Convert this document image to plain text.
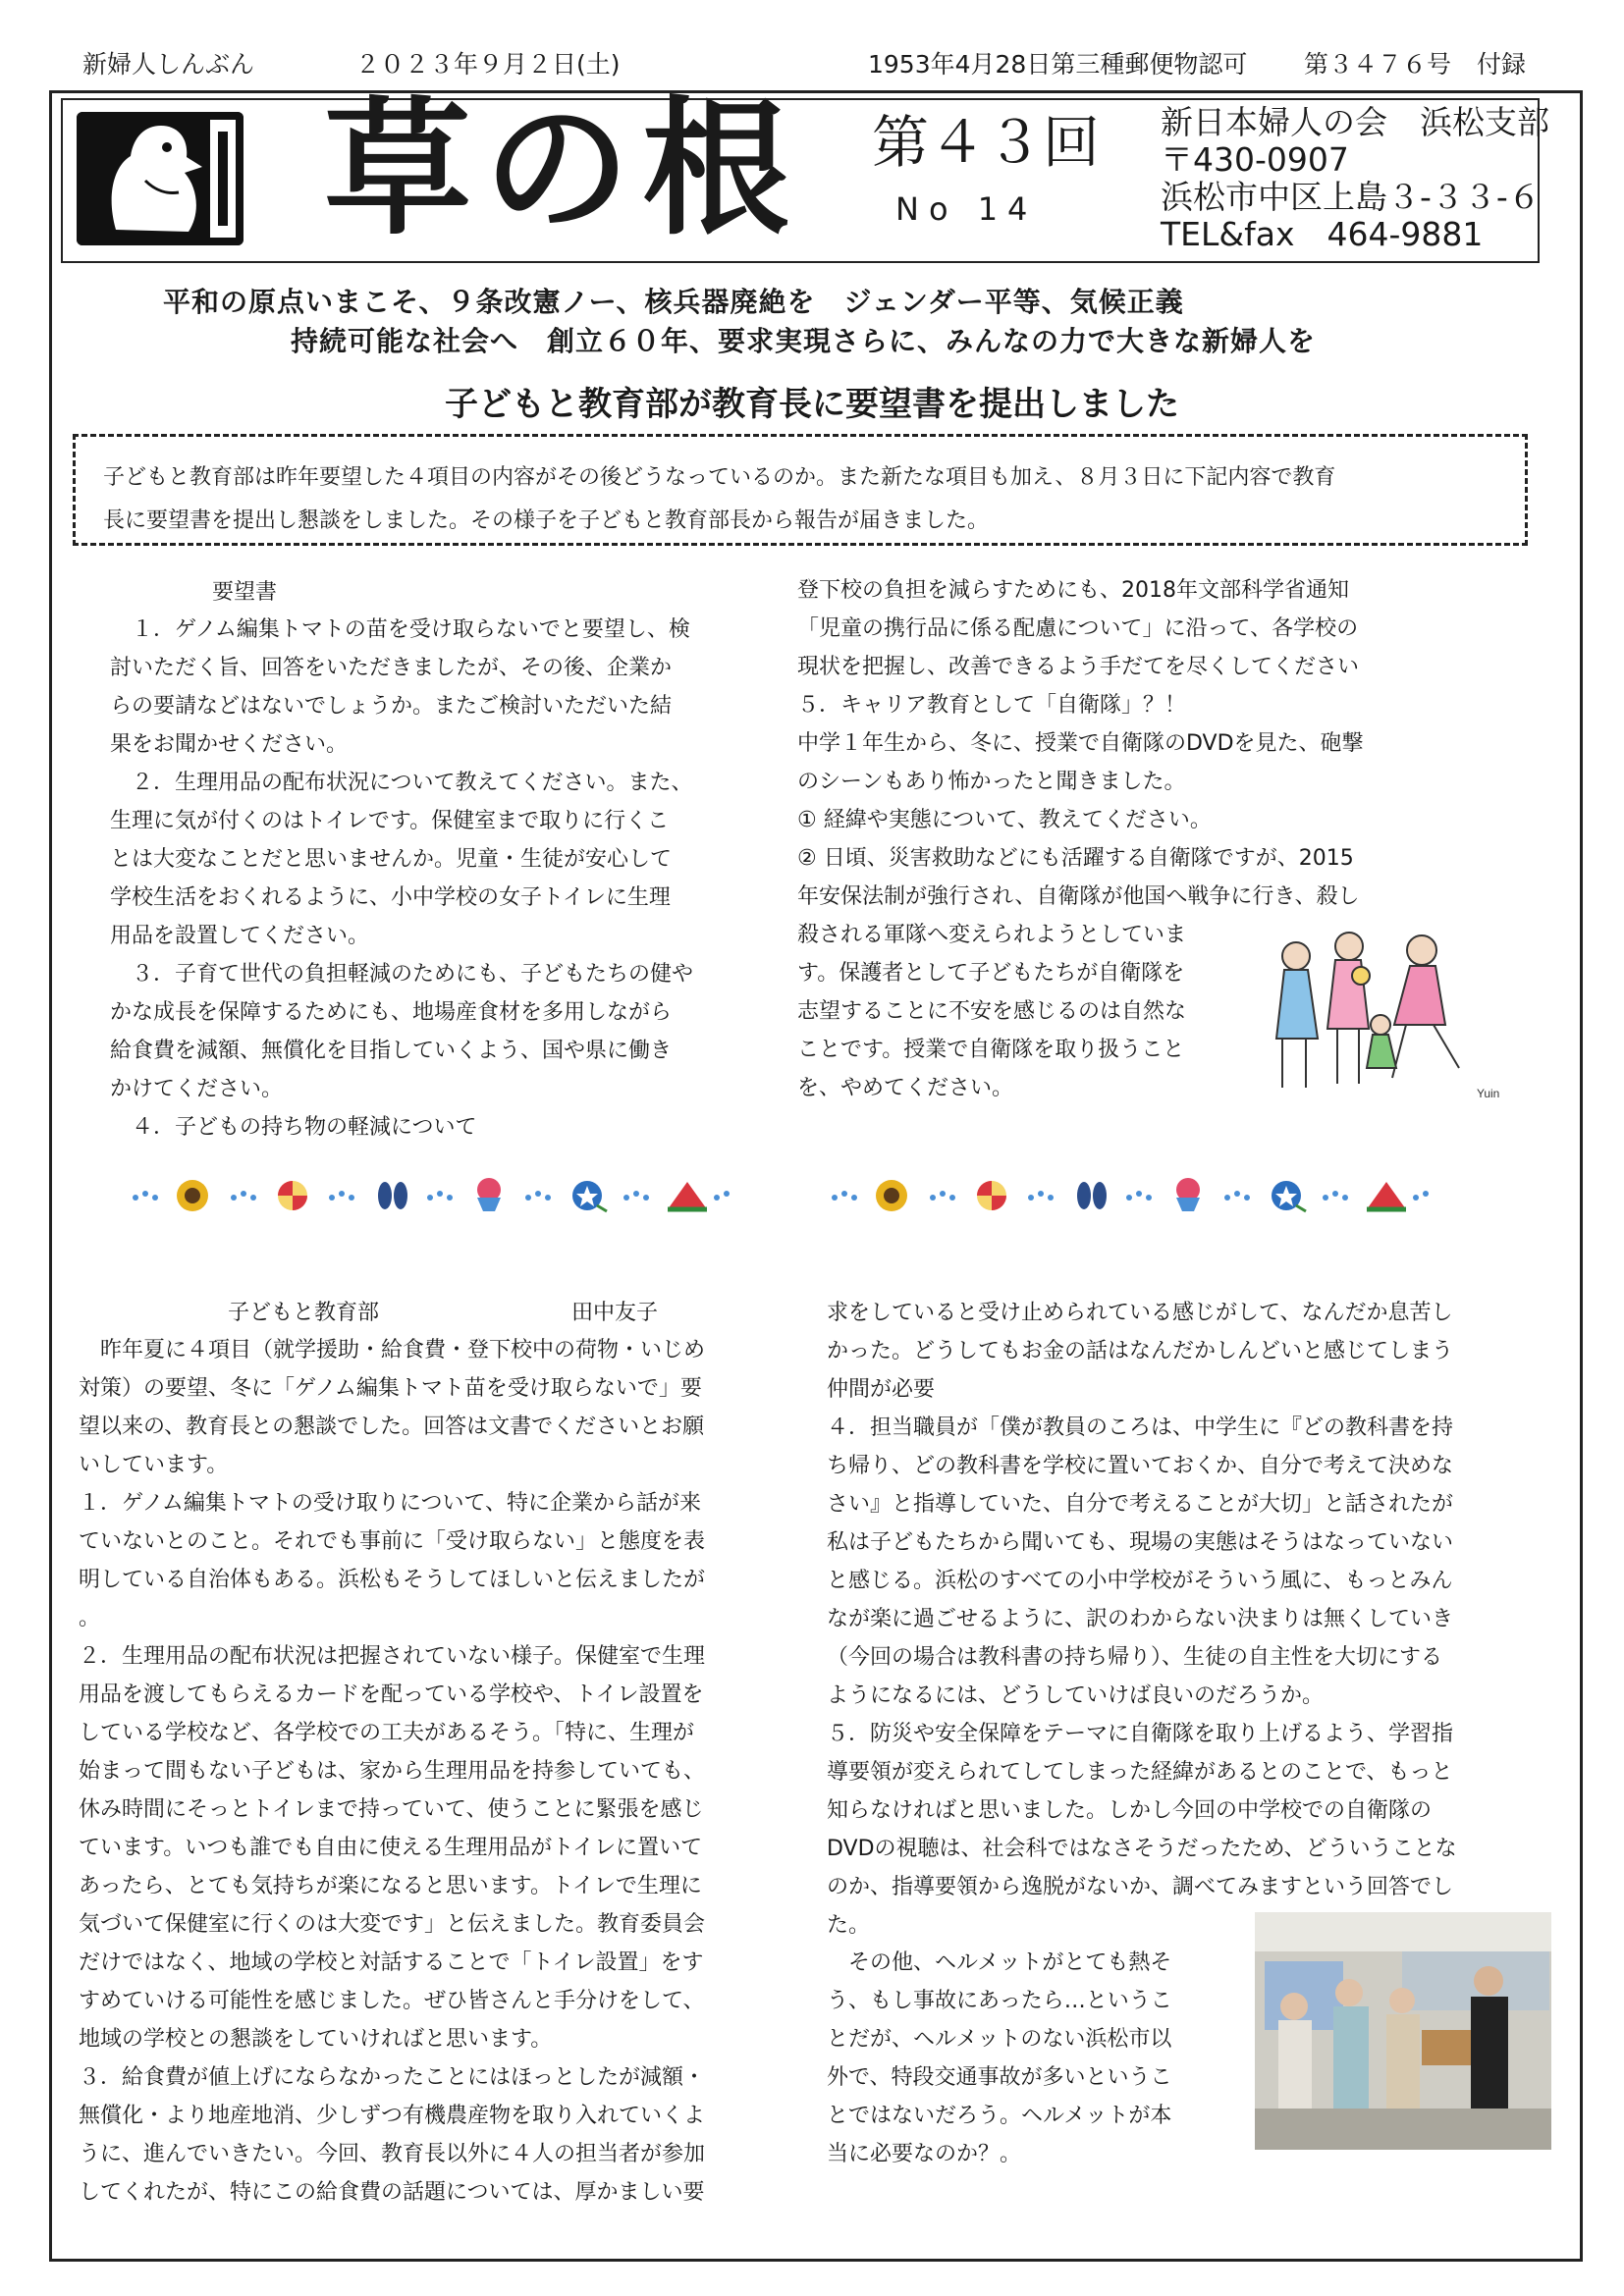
新婦人しんぶん	２０２３年９月２日(土)	1953年4月28日第三種郵便物認可 第３４７６号 付録
草の根 第４３回
No 14
新日本婦人の会　浜松支部
〒430-0907
浜松市中区上島３-３３-６
TEL&fax　464-9881
平和の原点いまこそ、９条改憲ノー、核兵器廃絶を　ジェンダー平等、気候正義
持続可能な社会へ　創立６０年、要求実現さらに、みんなの力で大きな新婦人を
子どもと教育部が教育長に要望書を提出しました
子どもと教育部は昨年要望した４項目の内容がその後どうなっているのか。また新たな項目も加え、８月３日に下記内容で教育
長に要望書を提出し懇談をしました。その様子を子どもと教育部長から報告が届きました。
要望書

　１．ゲノム編集トマトの苗を受け取らないでと要望し、検

討いただく旨、回答をいただきましたが、その後、企業か

らの要請などはないでしょうか。またご検討いただいた結

果をお聞かせください。

　２．生理用品の配布状況について教えてください。また、

生理に気が付くのはトイレです。保健室まで取りに行くこ

とは大変なことだと思いませんか。児童・生徒が安心して

学校生活をおくれるように、小中学校の女子トイレに生理

用品を設置してください。

　３．子育て世代の負担軽減のためにも、子どもたちの健や

かな成長を保障するためにも、地場産食材を多用しながら

給食費を減額、無償化を目指していくよう、国や県に働き

かけてください。

　４．子どもの持ち物の軽減について

登下校の負担を減らすためにも、2018年文部科学省通知

「児童の携行品に係る配慮について」に沿って、各学校の

現状を把握し、改善できるよう手だてを尽くしてください

５．キャリア教育として「自衛隊」？！

中学１年生から、冬に、授業で自衛隊のDVDを見た、砲撃

のシーンもあり怖かったと聞きました。

① 経緯や実態について、教えてください。

② 日頃、災害救助などにも活躍する自衛隊ですが、2015

年安保法制が強行され、自衛隊が他国へ戦争に行き、殺し

殺される軍隊へ変えられようとしていま

す。保護者として子どもたちが自衛隊を

志望することに不安を感じるのは自然な

ことです。授業で自衛隊を取り扱うこと

を、やめてください。	Yuin
子どもと教育部	田中友子

　昨年夏に４項目（就学援助・給食費・登下校中の荷物・いじめ

対策）の要望、冬に「ゲノム編集トマト苗を受け取らないで」要

望以来の、教育長との懇談でした。回答は文書でくださいとお願

いしています。

１．ゲノム編集トマトの受け取りについて、特に企業から話が来

ていないとのこと。それでも事前に「受け取らない」と態度を表

明している自治体もある。浜松もそうしてほしいと伝えましたが

。

２．生理用品の配布状況は把握されていない様子。保健室で生理

用品を渡してもらえるカードを配っている学校や、トイレ設置を

している学校など、各学校での工夫があるそう。「特に、生理が

始まって間もない子どもは、家から生理用品を持参していても、

休み時間にそっとトイレまで持っていて、使うことに緊張を感じ

ています。いつも誰でも自由に使える生理用品がトイレに置いて

あったら、とても気持ちが楽になると思います。トイレで生理に

気づいて保健室に行くのは大変です」と伝えました。教育委員会

だけではなく、地域の学校と対話することで「トイレ設置」をす

すめていける可能性を感じました。ぜひ皆さんと手分けをして、

地域の学校との懇談をしていければと思います。

３．給食費が値上げにならなかったことにはほっとしたが減額・

無償化・より地産地消、少しずつ有機農産物を取り入れていくよ

うに、進んでいきたい。今回、教育長以外に４人の担当者が参加

してくれたが、特にこの給食費の話題については、厚かましい要

求をしていると受け止められている感じがして、なんだか息苦し

かった。どうしてもお金の話はなんだかしんどいと感じてしまう

仲間が必要

４．担当職員が「僕が教員のころは、中学生に『どの教科書を持

ち帰り、どの教科書を学校に置いておくか、自分で考えて決めな

さい』と指導していた、自分で考えることが大切」と話されたが

私は子どもたちから聞いても、現場の実態はそうはなっていない

と感じる。浜松のすべての小中学校がそういう風に、もっとみん

なが楽に過ごせるように、訳のわからない決まりは無くしていき

（今回の場合は教科書の持ち帰り）、生徒の自主性を大切にする

ようになるには、どうしていけば良いのだろうか。

５．防災や安全保障をテーマに自衛隊を取り上げるよう、学習指

導要領が変えられてしてしまった経緯があるとのことで、もっと

知らなければと思いました。しかし今回の中学校での自衛隊の

DVDの視聴は、社会科ではなさそうだったため、どういうことな

のか、指導要領から逸脱がないか、調べてみますという回答でし

た。

　その他、ヘルメットがとても熱そ

う、もし事故にあったら…というこ

とだが、ヘルメットのない浜松市以

外で、特段交通事故が多いというこ

とではないだろう。ヘルメットが本

当に必要なのか？。
